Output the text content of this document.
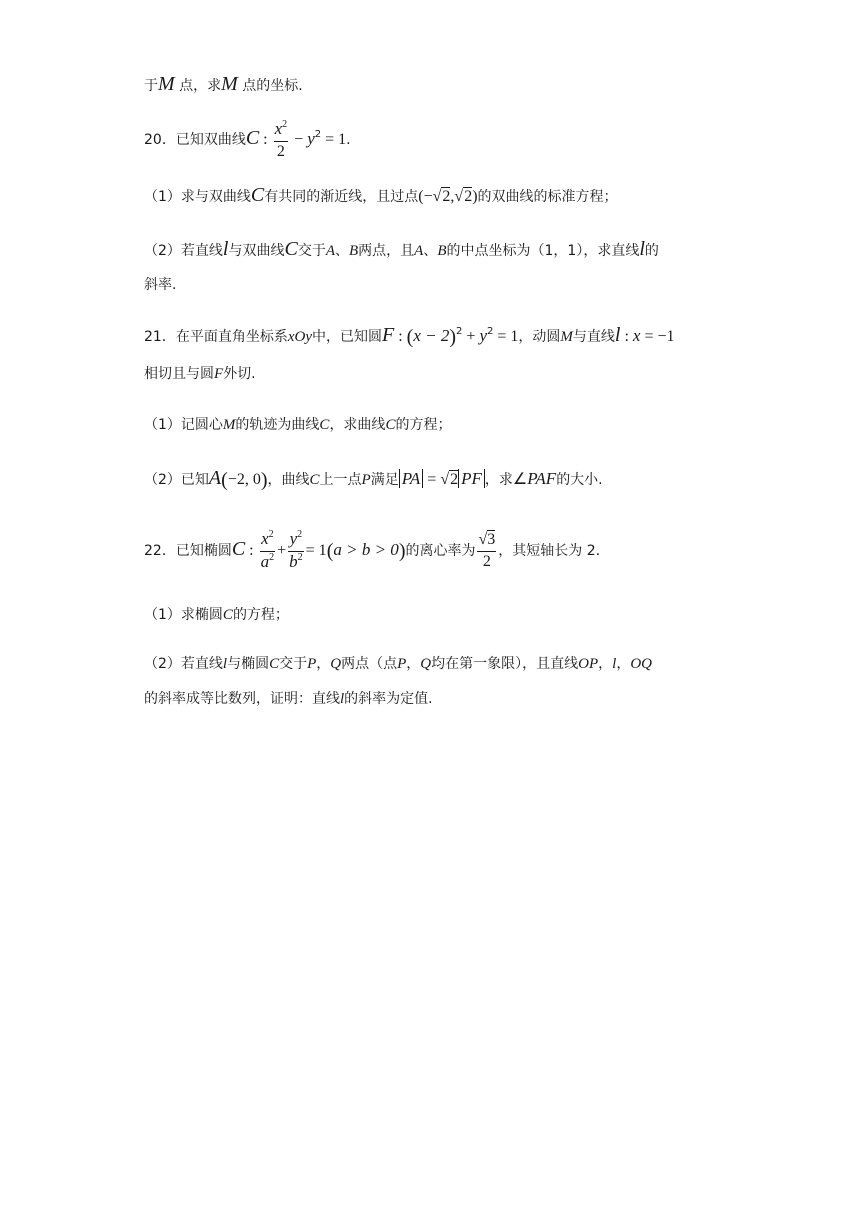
于M 点，求M 点的坐标.
20．已知双曲线C : $\frac{x^2}{2} - y^2 = 1$.
（1）求与双曲线C有共同的渐近线，且过点(−√2,√2)的双曲线的标准方程；
（2）若直线l与双曲线C交于A、B两点，且A、B的中点坐标为（1，1），求直线l的
斜率.
21．在平面直角坐标系xOy中，已知圆F : $(x - 2)^2 + y^2 = 1$，动圆M与直线l : x = −1
相切且与圆F外切.
（1）记圆心M的轨迹为曲线C，求曲线C的方程；
（2）已知A(−2, 0)，曲线C上一点P满足 PA = √2 PF ，求∠PAF的大小.
22．已知椭圆C : $\frac{x^2}{a^2} + \frac{y^2}{b^2} = 1(a > b > 0)$的离心率为 $\frac{√3}{2}$ ，其短轴长为 2.
（1）求椭圆C的方程；
（2）若直线l与椭圆C交于P，Q两点（点P，Q均在第一象限），且直线OP，l，OQ
的斜率成等比数列，证明：直线l的斜率为定值.
